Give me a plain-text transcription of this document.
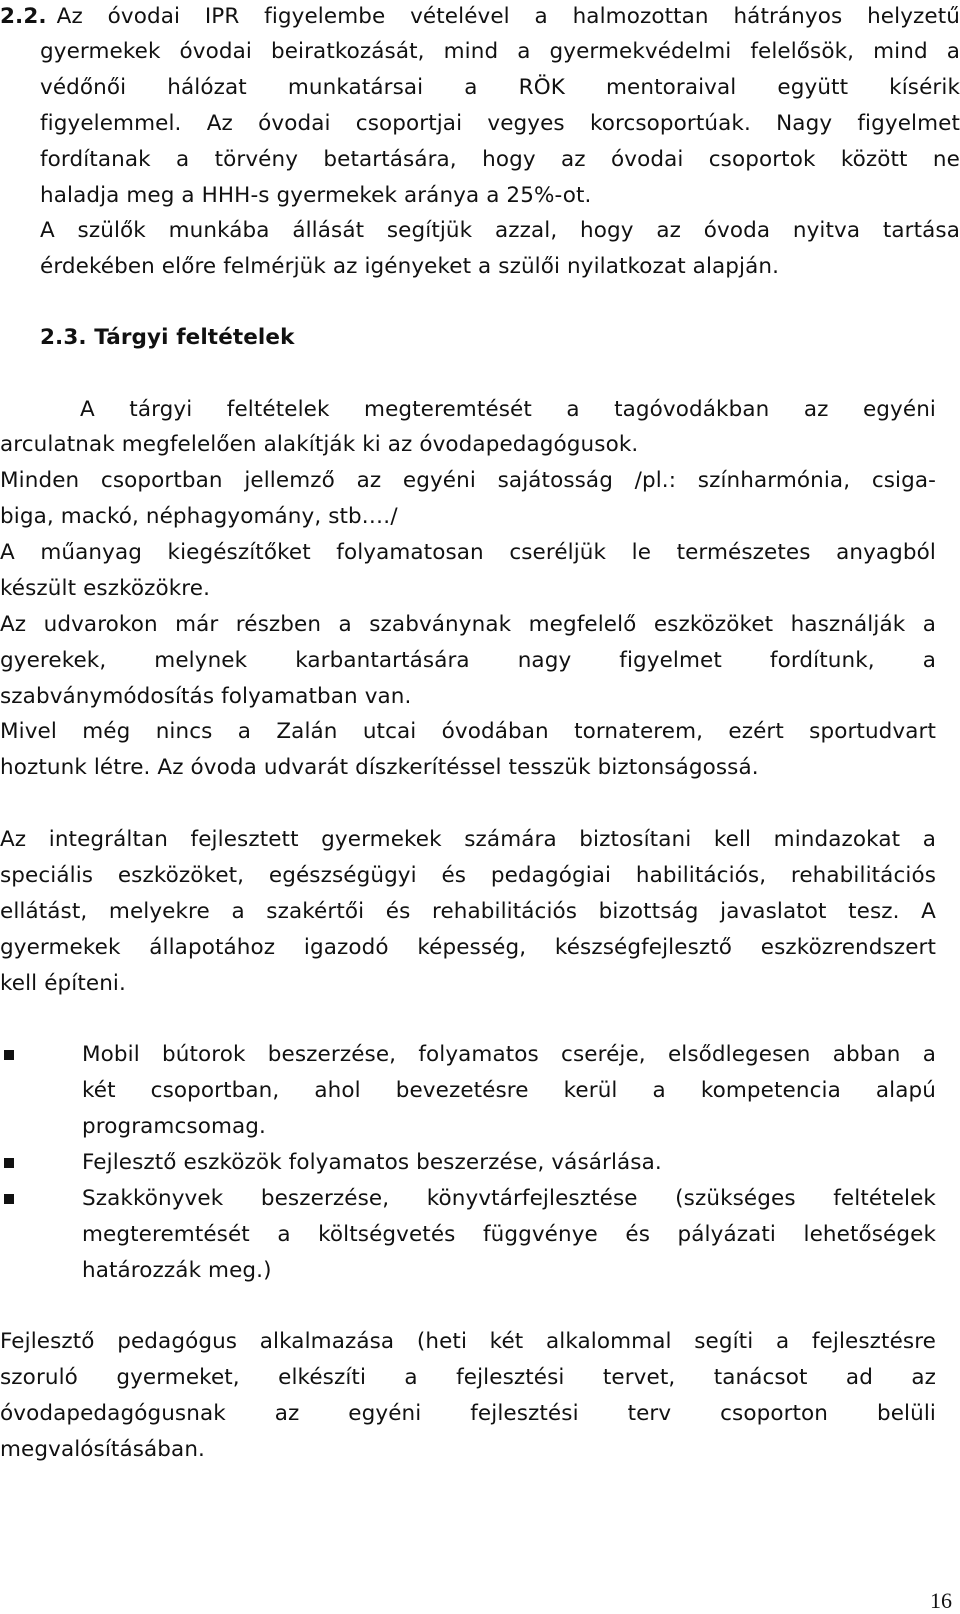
2.2. Az óvodai IPR figyelembe vételével a halmozottan hátrányos helyzetű
gyermekek óvodai beiratkozását, mind a gyermekvédelmi felelősök, mind a
védőnői hálózat munkatársai a RÖK mentoraival együtt kísérik
figyelemmel. Az óvodai csoportjai vegyes korcsoportúak. Nagy figyelmet
fordítanak a törvény betartására, hogy az óvodai csoportok között ne
haladja meg a HHH-s gyermekek aránya a 25%-ot.
A szülők munkába állását segítjük azzal, hogy az óvoda nyitva tartása
érdekében előre felmérjük az igényeket a szülői nyilatkozat alapján.
2.3. Tárgyi feltételek
A tárgyi feltételek megteremtését a tagóvodákban az egyéni
arculatnak megfelelően alakítják ki az óvodapedagógusok.
Minden csoportban jellemző az egyéni sajátosság /pl.: színharmónia, csiga-
biga, mackó, néphagyomány, stb.…/
A műanyag kiegészítőket folyamatosan cseréljük le természetes anyagból
készült eszközökre.
Az udvarokon már részben a szabványnak megfelelő eszközöket használják a
gyerekek, melynek karbantartására nagy figyelmet fordítunk, a
szabványmódosítás folyamatban van.
Mivel még nincs a Zalán utcai óvodában tornaterem, ezért sportudvart
hoztunk létre. Az óvoda udvarát díszkerítéssel tesszük biztonságossá.
Az integráltan fejlesztett gyermekek számára biztosítani kell mindazokat a
speciális eszközöket, egészségügyi és pedagógiai habilitációs, rehabilitációs
ellátást, melyekre a szakértői és rehabilitációs bizottság javaslatot tesz. A
gyermekek állapotához igazodó képesség, készségfejlesztő eszközrendszert
kell építeni.
Mobil bútorok beszerzése, folyamatos cseréje, elsődlegesen abban a
két csoportban, ahol bevezetésre kerül a kompetencia alapú
programcsomag.
Fejlesztő eszközök folyamatos beszerzése, vásárlása.
Szakkönyvek beszerzése, könyvtárfejlesztése (szükséges feltételek
megteremtését a költségvetés függvénye és pályázati lehetőségek
határozzák meg.)
Fejlesztő pedagógus alkalmazása (heti két alkalommal segíti a fejlesztésre
szoruló gyermeket, elkészíti a fejlesztési tervet, tanácsot ad az
óvodapedagógusnak az egyéni fejlesztési terv csoporton belüli
megvalósításában.
16
